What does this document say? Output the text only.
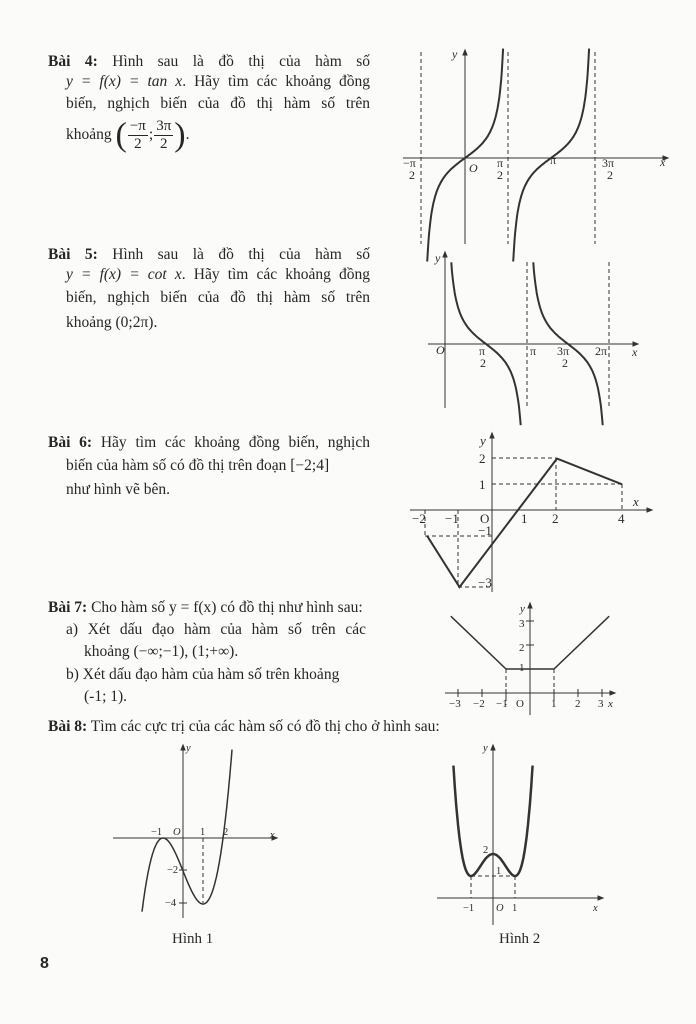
y
x
O
−π
2
π
2
π	3π
2
y
x
O	π
2
π 3π
2
2π
y
x
O
−2 −1	1 2	4
2
1
−1
−3
y
x
O
−3 −2 −1	1 2 3
1
2
3
y
x
O
−1	1 2
−2
−4
y
x
O
−1	1
2
1
Hình 1	Hình 2
Bài 4: Hình sau là đồ thị của hàm số
y = f(x) = tan x. Hãy tìm các khoảng đồng
biến, nghịch biến của đồ thị hàm số trên
khoảng ( $\frac{-\pi}{2}$ ; $\frac{3\pi}{2}$ ).
Bài 5: Hình sau là đồ thị của hàm số
y = f(x) = cot x. Hãy tìm các khoảng đồng
biến, nghịch biến của đồ thị hàm số trên
khoảng (0;2π).
Bài 6: Hãy tìm các khoảng đồng biến, nghịch
biến của hàm số có đồ thị trên đoạn [−2;4]
như hình vẽ bên.
Bài 7: Cho hàm số y = f(x) có đồ thị như hình sau:
a) Xét dấu đạo hàm của hàm số trên các
khoảng (−∞;−1), (1;+∞).
b) Xét dấu đạo hàm của hàm số trên khoảng
(-1; 1).
Bài 8: Tìm các cực trị của các hàm số có đồ thị cho ở hình sau:
8
